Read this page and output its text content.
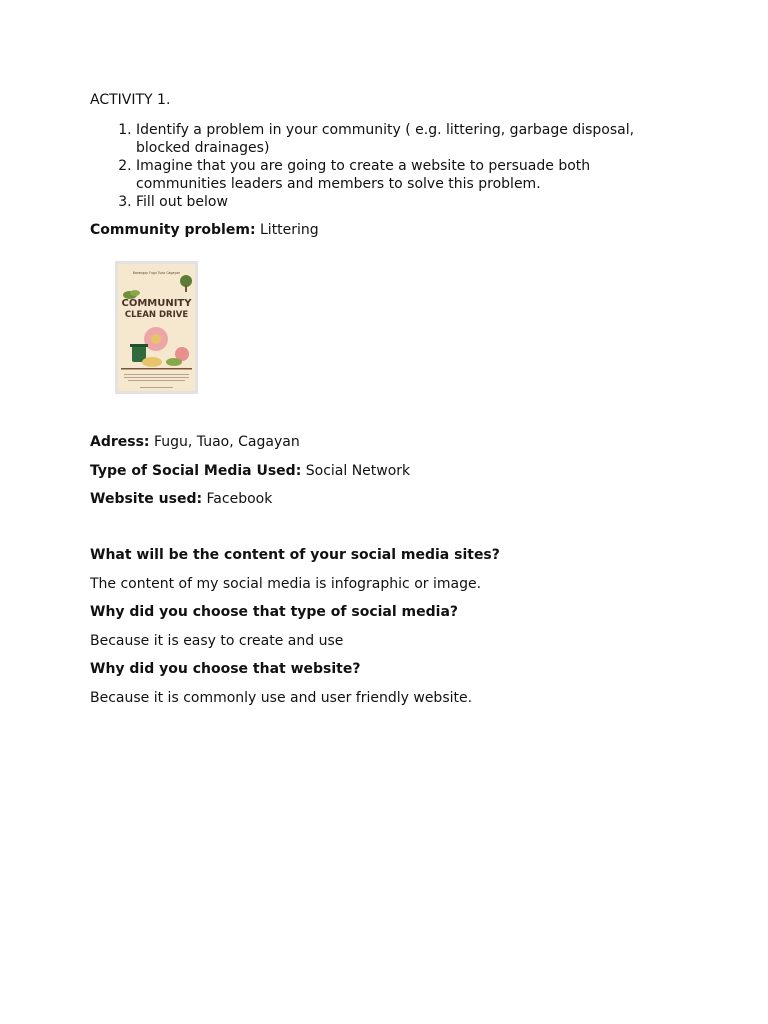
ACTIVITY 1.

1. Identify a problem in your community ( e.g. littering, garbage disposal, blocked drainages)
2. Imagine that you are going to create a website to persuade both communities leaders and members to solve this problem.
3. Fill out below

Community problem: Littering

Barangay Fugu Tuao Cagayan
COMMUNITY
CLEAN DRIVE

Adress: Fugu, Tuao, Cagayan

Type of Social Media Used: Social Network

Website used: Facebook

What will be the content of your social media sites?

The content of my social media is infographic or image.

Why did you choose that type of social media?

Because it is easy to create and use

Why did you choose that website?

Because it is commonly use and user friendly website.
